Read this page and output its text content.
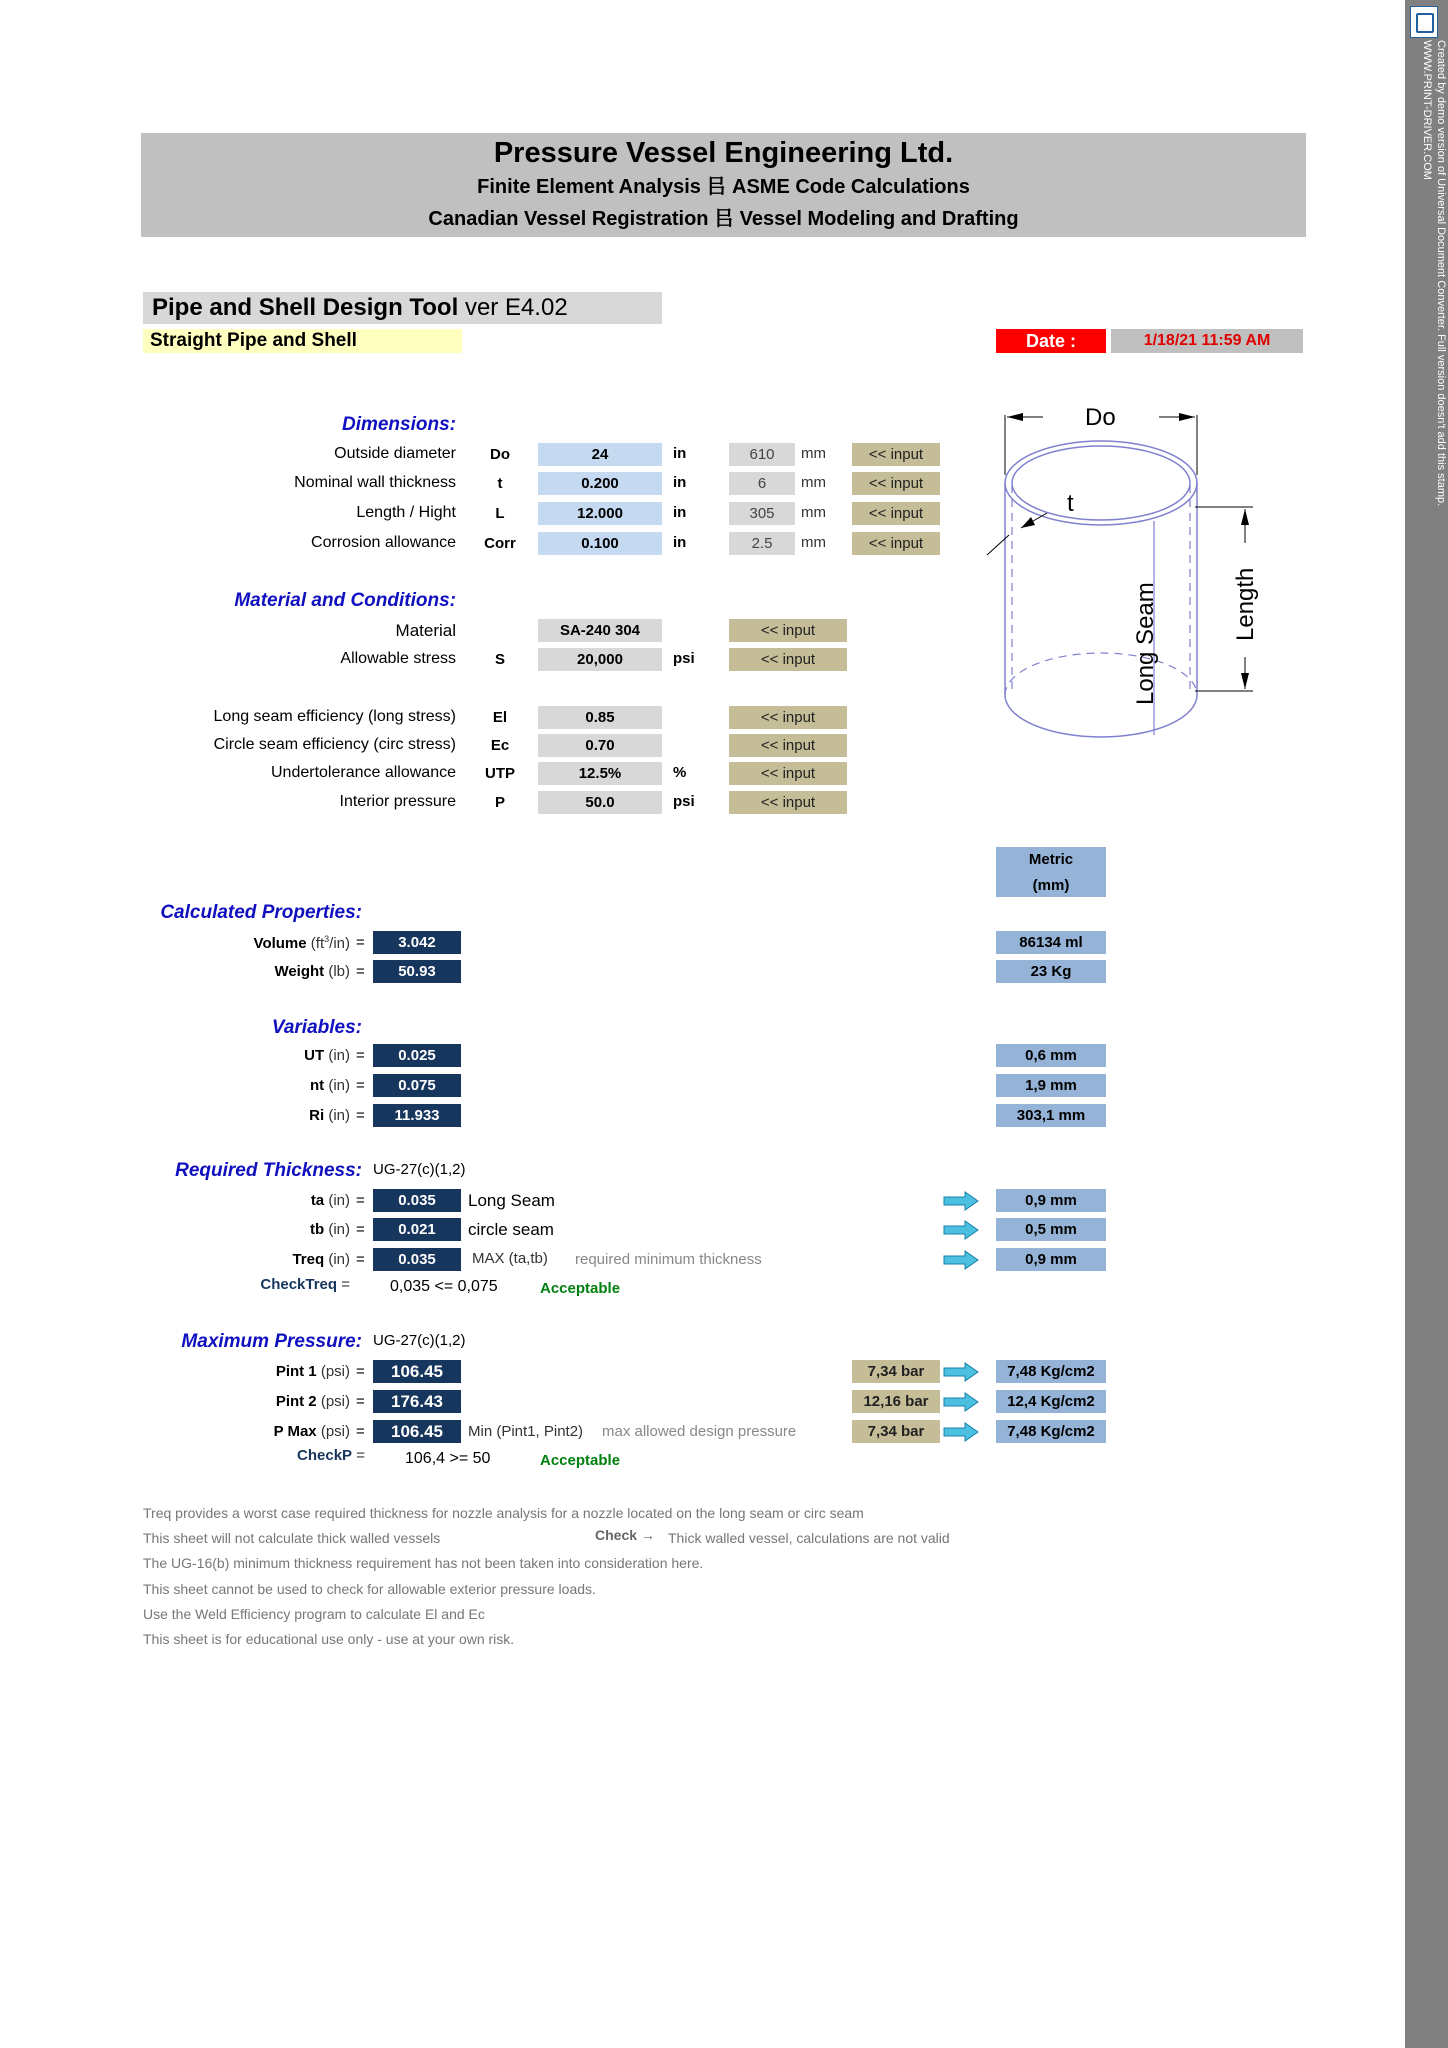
Pressure Vessel Engineering Ltd.
Finite Element Analysis 㠯 ASME Code Calculations
Canadian Vessel Registration 㠯 Vessel Modeling and Drafting
Pipe and Shell Design Tool ver E4.02
Straight Pipe and Shell	Date :	1/18/21 11:59 AM
Dimensions:
Outside diameter	Do	24	in	610	mm	<< input
Nominal wall thickness	t	0.200	in	6	mm	<< input
Length / Hight	L	12.000	in	305	mm	<< input
Corrosion allowance Corr	0.100	in	2.5	mm	<< input
Material and Conditions:
Material	SA-240 304	<< input
Allowable stress	S	20,000	psi	<< input
Long seam efficiency (long stress)	El	0.85	<< input
Circle seam efficiency (circ stress)	Ec	0.70	<< input
Undertolerance allowance	UTP	12.5%	%	<< input
Interior pressure	P	50.0	psi	<< input
Do
t
Long Seam	Length
Metric
(mm)
Calculated Properties:
Volume $(ft^3/in)$ =	3.042	86134 ml
Weight (lb) =	50.93	23 Kg
Variables:
UT (in) =	0.025	0,6 mm
nt (in) =	0.075	1,9 mm
Ri (in) =	11.933	303,1 mm
Required Thickness: UG-27(c)(1,2)
ta (in) =	0.035	Long Seam	0,9 mm
tb (in) =	0.021	circle seam	0,5 mm
Treq (in) =	0.035	MAX (ta,tb) required minimum thickness	0,9 mm
CheckTreq =	0,035 <= 0,075	Acceptable
Maximum Pressure: UG-27(c)(1,2)
Pint 1 (psi) =	106.45	7,34 bar	7,48 Kg/cm2
Pint 2 (psi) =	176.43	12,16 bar	12,4 Kg/cm2
P Max (psi) =	106.45	Min (Pint1, Pint2) max allowed design pressure	7,34 bar	7,48 Kg/cm2
CheckP =	106,4 >= 50	Acceptable
Treq provides a worst case required thickness for nozzle analysis for a nozzle located on the long seam or circ seam
This sheet will not calculate thick walled vessels	Check → Thick walled vessel, calculations are not valid
The UG-16(b) minimum thickness requirement has not been taken into consideration here.
This sheet cannot be used to check for allowable exterior pressure loads.
Use the Weld Efficiency program to calculate El and Ec
This sheet is for educational use only - use at your own risk.
Created by demo version of Universal Document Converter. Full version doesn't add this stamp.
WWW.PRINT-DRIVER.COM
